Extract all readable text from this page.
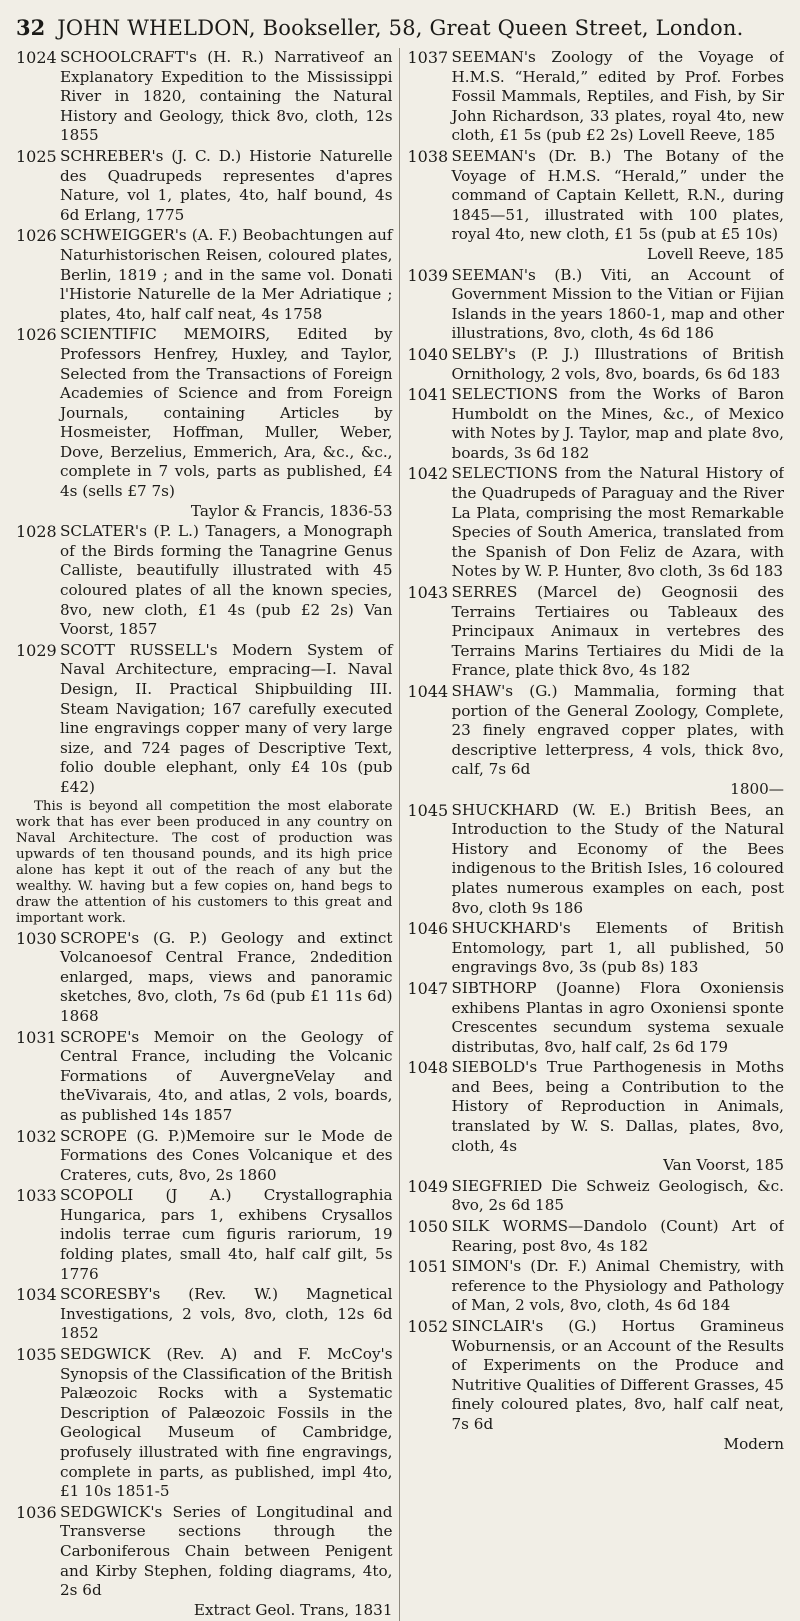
32 JOHN WHELDON, Bookseller, 58, Great Queen Street, London.
1024 SCHOOLCRAFT's (H. R.) Narrativeof an Explanatory Expedition to the Mississippi River in 1820, containing the Natural History and Geology, thick 8vo, cloth, 12s 1855
1025 SCHREBER's (J. C. D.) Historie Naturelle des Quadrupeds representes d'apres Nature, vol 1, plates, 4to, half bound, 4s 6d Erlang, 1775
1026 SCHWEIGGER's (A. F.) Beobachtungen auf Naturhistorischen Reisen, coloured plates, Berlin, 1819 ; and in the same vol. Donati l'Historie Naturelle de la Mer Adriatique ; plates, 4to, half calf neat, 4s 1758
1026 SCIENTIFIC MEMOIRS, Edited by Professors Henfrey, Huxley, and Taylor, Selected from the Transactions of Foreign Academies of Science and from Foreign Journals, containing Articles by Hosmeister, Hoffman, Muller, Weber, Dove, Berzelius, Emmerich, Ara, &c., &c., complete in 7 vols, parts as published, £4 4s (sells £7 7s)
Taylor & Francis, 1836-53
1028 SCLATER's (P. L.) Tanagers, a Monograph of the Birds forming the Tanagrine Genus Calliste, beautifully illustrated with 45 coloured plates of all the known species, 8vo, new cloth, £1 4s (pub £2 2s) Van Voorst, 1857
1029 SCOTT RUSSELL's Modern System of Naval Architecture, empracing—I. Naval Design, II. Practical Shipbuilding III. Steam Navigation; 167 carefully executed line engravings copper many of very large size, and 724 pages of Descriptive Text, folio double elephant, only £4 10s (pub £42)
This is beyond all competition the most elaborate work that has ever been produced in any country on Naval Architecture. The cost of production was upwards of ten thousand pounds, and its high price alone has kept it out of the reach of any but the wealthy. W. having but a few copies on, hand begs to draw the attention of his customers to this great and important work.
1030 SCROPE's (G. P.) Geology and extinct Volcanoesof Central France, 2ndedition enlarged, maps, views and panoramic sketches, 8vo, cloth, 7s 6d (pub £1 11s 6d) 1868
1031 SCROPE's Memoir on the Geology of Central France, including the Volcanic Formations of AuvergneVelay and theVivarais, 4to, and atlas, 2 vols, boards, as published 14s 1857
1032 SCROPE (G. P.)Memoire sur le Mode de Formations des Cones Volcanique et des Crateres, cuts, 8vo, 2s 1860
1033 SCOPOLI (J A.) Crystallographia Hungarica, pars 1, exhibens Crysallos indolis terrae cum figuris rariorum, 19 folding plates, small 4to, half calf gilt, 5s 1776
1034 SCORESBY's (Rev. W.) Magnetical Investigations, 2 vols, 8vo, cloth, 12s 6d 1852
1035 SEDGWICK (Rev. A) and F. McCoy's Synopsis of the Classification of the British Palæozoic Rocks with a Systematic Description of Palæozoic Fossils in the Geological Museum of Cambridge, profusely illustrated with fine engravings, complete in parts, as published, impl 4to, £1 10s 1851-5
1036 SEDGWICK's Series of Longitudinal and Transverse sections through the Carboniferous Chain between Penigent and Kirby Stephen, folding diagrams, 4to, 2s 6d
Extract Geol. Trans, 1831
1037 SEEMAN's Zoology of the Voyage of H.M.S. “Herald,” edited by Prof. Forbes Fossil Mammals, Reptiles, and Fish, by Sir John Richardson, 33 plates, royal 4to, new cloth, £1 5s (pub £2 2s) Lovell Reeve, 185
1038 SEEMAN's (Dr. B.) The Botany of the Voyage of H.M.S. “Herald,” under the command of Captain Kellett, R.N., during 1845—51, illustrated with 100 plates, royal 4to, new cloth, £1 5s (pub at £5 10s)
Lovell Reeve, 185
1039 SEEMAN's (B.) Viti, an Account of Government Mission to the Vitian or Fijian Islands in the years 1860-1, map and other illustrations, 8vo, cloth, 4s 6d 186
1040 SELBY's (P. J.) Illustrations of British Ornithology, 2 vols, 8vo, boards, 6s 6d 183
1041 SELECTIONS from the Works of Baron Humboldt on the Mines, &c., of Mexico with Notes by J. Taylor, map and plate 8vo, boards, 3s 6d 182
1042 SELECTIONS from the Natural History of the Quadrupeds of Paraguay and the River La Plata, comprising the most Remarkable Species of South America, translated from the Spanish of Don Feliz de Azara, with Notes by W. P. Hunter, 8vo cloth, 3s 6d 183
1043 SERRES (Marcel de) Geognosii des Terrains Tertiaires ou Tableaux des Principaux Animaux in vertebres des Terrains Marins Tertiaires du Midi de la France, plate thick 8vo, 4s 182
1044 SHAW's (G.) Mammalia, forming that portion of the General Zoology, Complete, 23 finely engraved copper plates, with descriptive letterpress, 4 vols, thick 8vo, calf, 7s 6d
1800—
1045 SHUCKHARD (W. E.) British Bees, an Introduction to the Study of the Natural History and Economy of the Bees indigenous to the British Isles, 16 coloured plates numerous examples on each, post 8vo, cloth 9s 186
1046 SHUCKHARD's Elements of British Entomology, part 1, all published, 50 engravings 8vo, 3s (pub 8s) 183
1047 SIBTHORP (Joanne) Flora Oxoniensis exhibens Plantas in agro Oxoniensi sponte Crescentes secundum systema sexuale distributas, 8vo, half calf, 2s 6d 179
1048 SIEBOLD's True Parthogenesis in Moths and Bees, being a Contribution to the History of Reproduction in Animals, translated by W. S. Dallas, plates, 8vo, cloth, 4s
Van Voorst, 185
1049 SIEGFRIED Die Schweiz Geologisch, &c. 8vo, 2s 6d 185
1050 SILK WORMS—Dandolo (Count) Art of Rearing, post 8vo, 4s 182
1051 SIMON's (Dr. F.) Animal Chemistry, with reference to the Physiology and Pathology of Man, 2 vols, 8vo, cloth, 4s 6d 184
1052 SINCLAIR's (G.) Hortus Gramineus Woburnensis, or an Account of the Results of Experiments on the Produce and Nutritive Qualities of Different Grasses, 45 finely coloured plates, 8vo, half calf neat, 7s 6d
Modern
